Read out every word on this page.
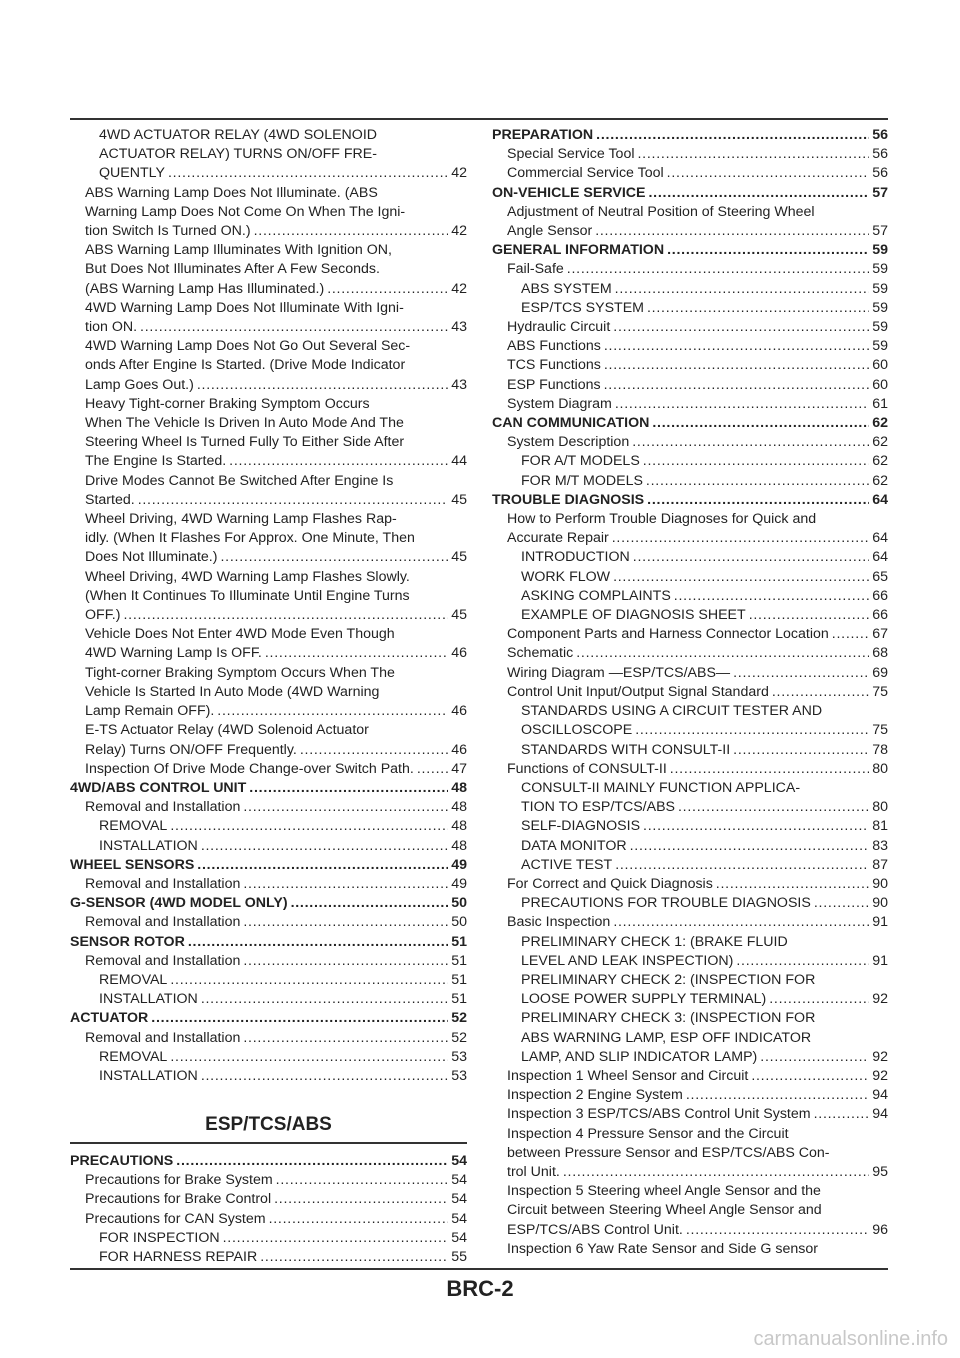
4WD ACTUATOR RELAY (4WD SOLENOID
ACTUATOR RELAY) TURNS ON/OFF FRE-
QUENTLY . . .	42
ABS Warning Lamp Does Not Illuminate. (ABS
Warning Lamp Does Not Come On When The Igni-
tion Switch Is Turned ON.) . . .	42
ABS Warning Lamp Illuminates With Ignition ON,
But Does Not Illuminates After A Few Seconds.
(ABS Warning Lamp Has Illuminated.) . . .	42
4WD Warning Lamp Does Not Illuminate With Igni-
tion ON. . . .	43
4WD Warning Lamp Does Not Go Out Several Sec-
onds After Engine Is Started. (Drive Mode Indicator
Lamp Goes Out.) . . .	43
Heavy Tight-corner Braking Symptom Occurs
When The Vehicle Is Driven In Auto Mode And The
Steering Wheel Is Turned Fully To Either Side After
The Engine Is Started. . . .	44
Drive Modes Cannot Be Switched After Engine Is
Started. . . .	45
Wheel Driving, 4WD Warning Lamp Flashes Rap-
idly. (When It Flashes For Approx. One Minute, Then
Does Not Illuminate.) . . .	45
Wheel Driving, 4WD Warning Lamp Flashes Slowly.
(When It Continues To Illuminate Until Engine Turns
OFF.) . . .	45
Vehicle Does Not Enter 4WD Mode Even Though
4WD Warning Lamp Is OFF. . . .	46
Tight-corner Braking Symptom Occurs When The
Vehicle Is Started In Auto Mode (4WD Warning
Lamp Remain OFF). . . .	46
E-TS Actuator Relay (4WD Solenoid Actuator
Relay) Turns ON/OFF Frequently. . . .	46
Inspection Of Drive Mode Change-over Switch Path. . . .	47
4WD/ABS CONTROL UNIT . . .	48
Removal and Installation . . .	48
REMOVAL . . .	48
INSTALLATION . . .	48
WHEEL SENSORS . . .	49
Removal and Installation . . .	49
G-SENSOR (4WD MODEL ONLY) . . .	50
Removal and Installation . . .	50
SENSOR ROTOR . . .	51
Removal and Installation . . .	51
REMOVAL . . .	51
INSTALLATION . . .	51
ACTUATOR . . .	52
Removal and Installation . . .	52
REMOVAL . . .	53
INSTALLATION . . .	53
ESP/TCS/ABS
PRECAUTIONS . . .	54
Precautions for Brake System . . .	54
Precautions for Brake Control . . .	54
Precautions for CAN System . . .	54
FOR INSPECTION . . .	54
FOR HARNESS REPAIR . . .	55
PREPARATION . . .	56
Special Service Tool . . .	56
Commercial Service Tool . . .	56
ON-VEHICLE SERVICE . . .	57
Adjustment of Neutral Position of Steering Wheel
Angle Sensor . . .	57
GENERAL INFORMATION . . .	59
Fail-Safe . . .	59
ABS SYSTEM . . .	59
ESP/TCS SYSTEM . . .	59
Hydraulic Circuit . . .	59
ABS Functions . . .	59
TCS Functions . . .	60
ESP Functions . . .	60
System Diagram . . .	61
CAN COMMUNICATION . . .	62
System Description . . .	62
FOR A/T MODELS . . .	62
FOR M/T MODELS . . .	62
TROUBLE DIAGNOSIS . . .	64
How to Perform Trouble Diagnoses for Quick and
Accurate Repair . . .	64
INTRODUCTION . . .	64
WORK FLOW . . .	65
ASKING COMPLAINTS . . .	66
EXAMPLE OF DIAGNOSIS SHEET . . .	66
Component Parts and Harness Connector Location . . .	67
Schematic . . .	68
Wiring Diagram —ESP/TCS/ABS— . . .	69
Control Unit Input/Output Signal Standard . . .	75
STANDARDS USING A CIRCUIT TESTER AND
OSCILLOSCOPE . . .	75
STANDARDS WITH CONSULT-II . . .	78
Functions of CONSULT-II . . .	80
CONSULT-II MAINLY FUNCTION APPLICA-
TION TO ESP/TCS/ABS . . .	80
SELF-DIAGNOSIS . . .	81
DATA MONITOR . . .	83
ACTIVE TEST . . .	87
For Correct and Quick Diagnosis . . .	90
PRECAUTIONS FOR TROUBLE DIAGNOSIS . . .	90
Basic Inspection . . .	91
PRELIMINARY CHECK 1: (BRAKE FLUID
LEVEL AND LEAK INSPECTION) . . .	91
PRELIMINARY CHECK 2: (INSPECTION FOR
LOOSE POWER SUPPLY TERMINAL) . . .	92
PRELIMINARY CHECK 3: (INSPECTION FOR
ABS WARNING LAMP, ESP OFF INDICATOR
LAMP, AND SLIP INDICATOR LAMP) . . .	92
Inspection 1 Wheel Sensor and Circuit . . .	92
Inspection 2 Engine System . . .	94
Inspection 3 ESP/TCS/ABS Control Unit System . . .	94
Inspection 4 Pressure Sensor and the Circuit
between Pressure Sensor and ESP/TCS/ABS Con-
trol Unit. . . .	95
Inspection 5 Steering wheel Angle Sensor and the
Circuit between Steering Wheel Angle Sensor and
ESP/TCS/ABS Control Unit. . . .	96
Inspection 6 Yaw Rate Sensor and Side G sensor
BRC-2
carmanualsonline.info
